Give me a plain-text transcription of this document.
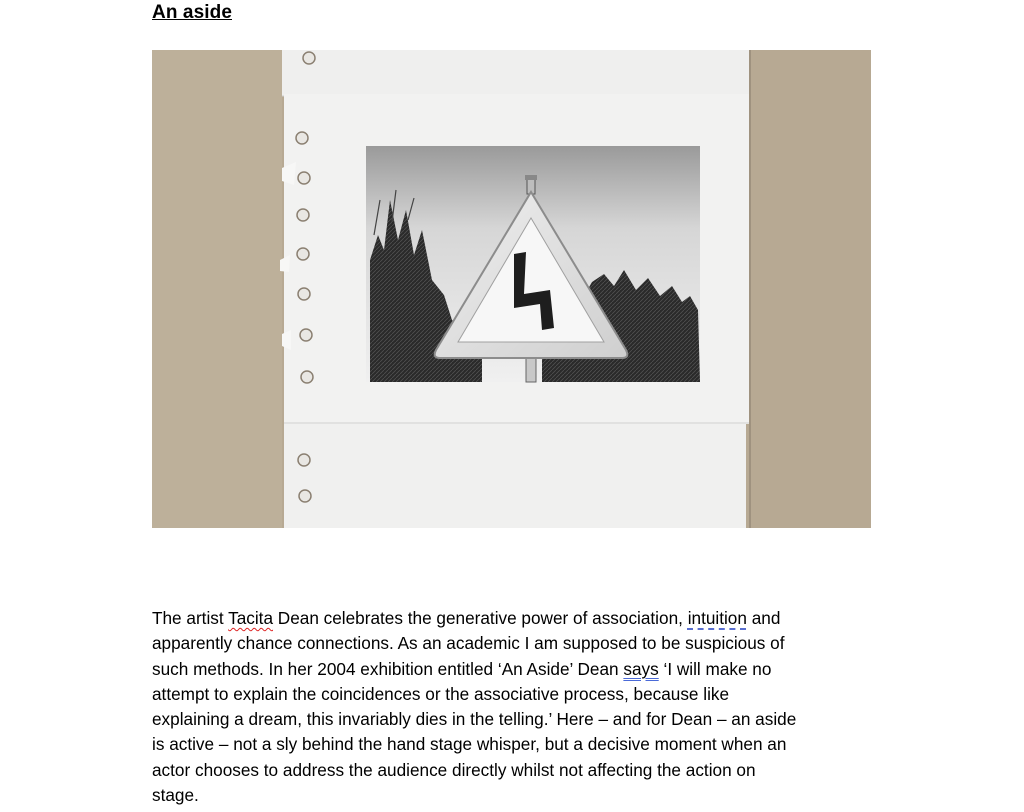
An aside
The artist Tacita Dean celebrates the generative power of association, intuition and
apparently chance connections. As an academic I am supposed to be suspicious of
such methods. In her 2004 exhibition entitled ‘An Aside’ Dean says ‘I will make no
attempt to explain the coincidences or the associative process, because like
explaining a dream, this invariably dies in the telling.’ Here – and for Dean – an aside
is active – not a sly behind the hand stage whisper, but a decisive moment when an
actor chooses to address the audience directly whilst not affecting the action on
stage.
